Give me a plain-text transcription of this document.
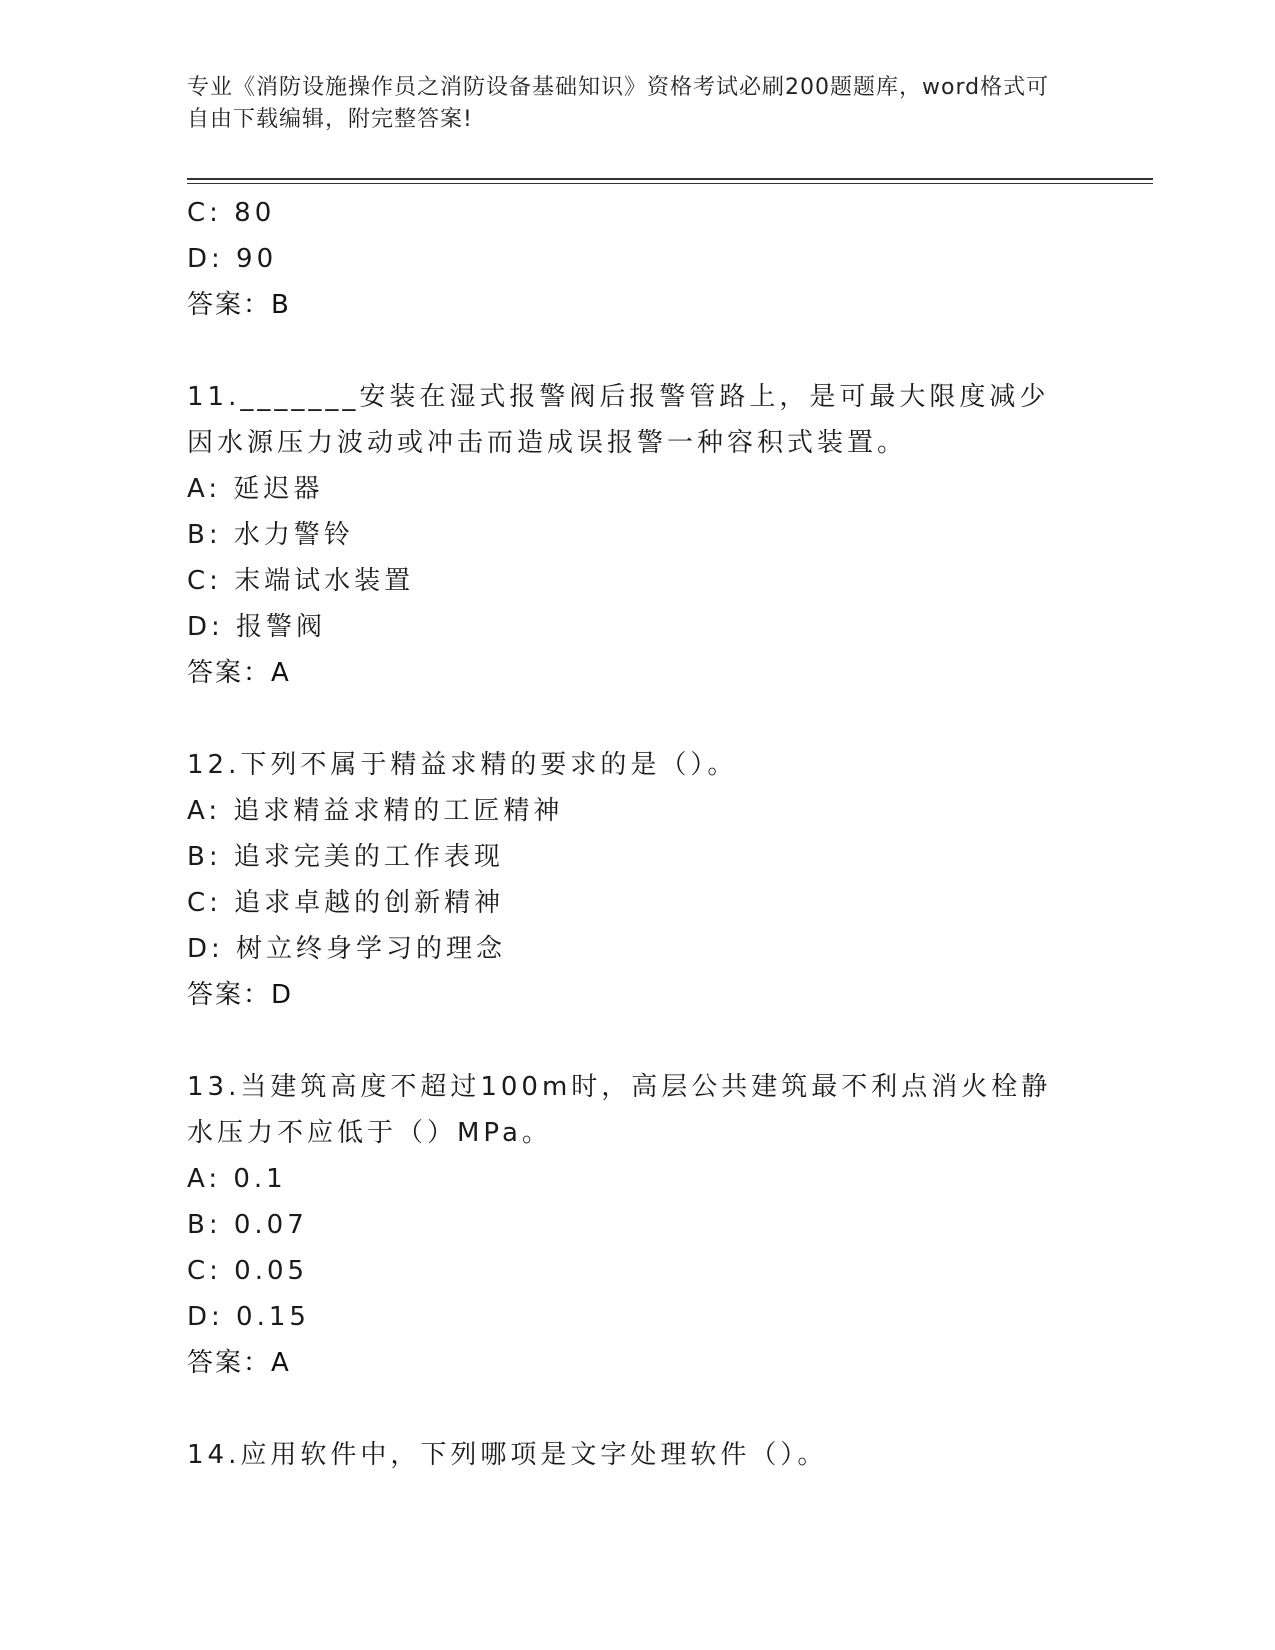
专业《消防设施操作员之消防设备基础知识》资格考试必刷200题题库，word格式可自由下载编辑，附完整答案!
C: 80
D: 90
答案：B
11._______安装在湿式报警阀后报警管路上，是可最大限度减少因水源压力波动或冲击而造成误报警一种容积式装置。
A: 延迟器
B: 水力警铃
C: 末端试水装置
D: 报警阀
答案：A
12.下列不属于精益求精的要求的是（）。
A: 追求精益求精的工匠精神
B: 追求完美的工作表现
C: 追求卓越的创新精神
D: 树立终身学习的理念
答案：D
13.当建筑高度不超过100m时，高层公共建筑最不利点消火栓静水压力不应低于（）MPa。
A: 0.1
B: 0.07
C: 0.05
D: 0.15
答案：A
14.应用软件中，下列哪项是文字处理软件（）。
